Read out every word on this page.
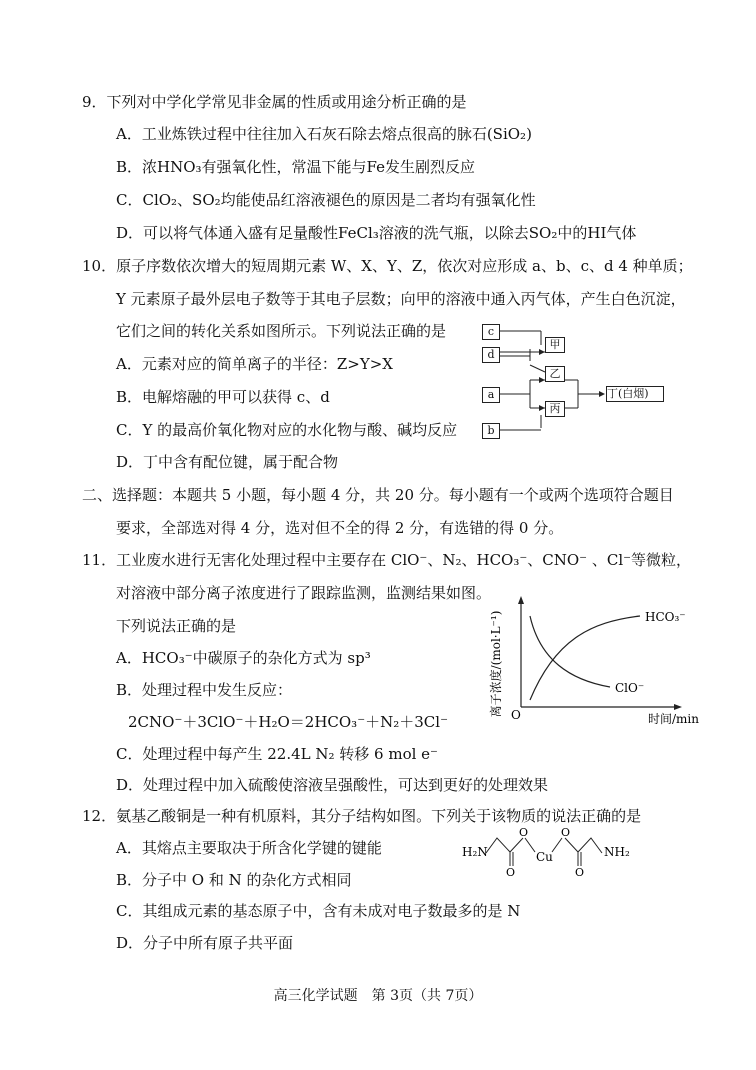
9．下列对中学化学常见非金属的性质或用途分析正确的是
A．工业炼铁过程中往往加入石灰石除去熔点很高的脉石(SiO₂)
B．浓HNO₃有强氧化性，常温下能与Fe发生剧烈反应
C．ClO₂、SO₂均能使品红溶液褪色的原因是二者均有强氧化性
D．可以将气体通入盛有足量酸性FeCl₃溶液的洗气瓶，以除去SO₂中的HI气体
10．原子序数依次增大的短周期元素 W、X、Y、Z，依次对应形成 a、b、c、d 4 种单质；
Y 元素原子最外层电子数等于其电子层数；向甲的溶液中通入丙气体，产生白色沉淀，
它们之间的转化关系如图所示。下列说法正确的是
A．元素对应的简单离子的半径：Z>Y>X
B．电解熔融的甲可以获得 c、d
C．Y 的最高价氧化物对应的水化物与酸、碱均反应
D．丁中含有配位键，属于配合物
c
d
a
b
甲
乙
丙
丁(白烟)
二、选择题：本题共 5 小题，每小题 4 分，共 20 分。每小题有一个或两个选项符合题目
要求，全部选对得 4 分，选对但不全的得 2 分，有选错的得 0 分。
11．工业废水进行无害化处理过程中主要存在 ClO⁻、N₂、HCO₃⁻、CNO⁻ 、Cl⁻等微粒，
对溶液中部分离子浓度进行了跟踪监测，监测结果如图。
下列说法正确的是
A．HCO₃⁻中碳原子的杂化方式为 sp³
B．处理过程中发生反应：
2CNO⁻＋3ClO⁻＋H₂O＝2HCO₃⁻＋N₂＋3Cl⁻
C．处理过程中每产生 22.4L N₂ 转移 6 mol e⁻
D．处理过程中加入硫酸使溶液呈强酸性，可达到更好的处理效果
离子浓度/(mol·L⁻¹) O	时间/min
HCO₃⁻
ClO⁻
12．氨基乙酸铜是一种有机原料，其分子结构如图。下列关于该物质的说法正确的是
A．其熔点主要取决于所含化学键的键能
B．分子中 O 和 N 的杂化方式相同
C．其组成元素的基态原子中，含有未成对电子数最多的是 N
D．分子中所有原子共平面
H₂N
O
O
Cu
O
O
NH₂
高三化学试题　第 3页（共 7页）
